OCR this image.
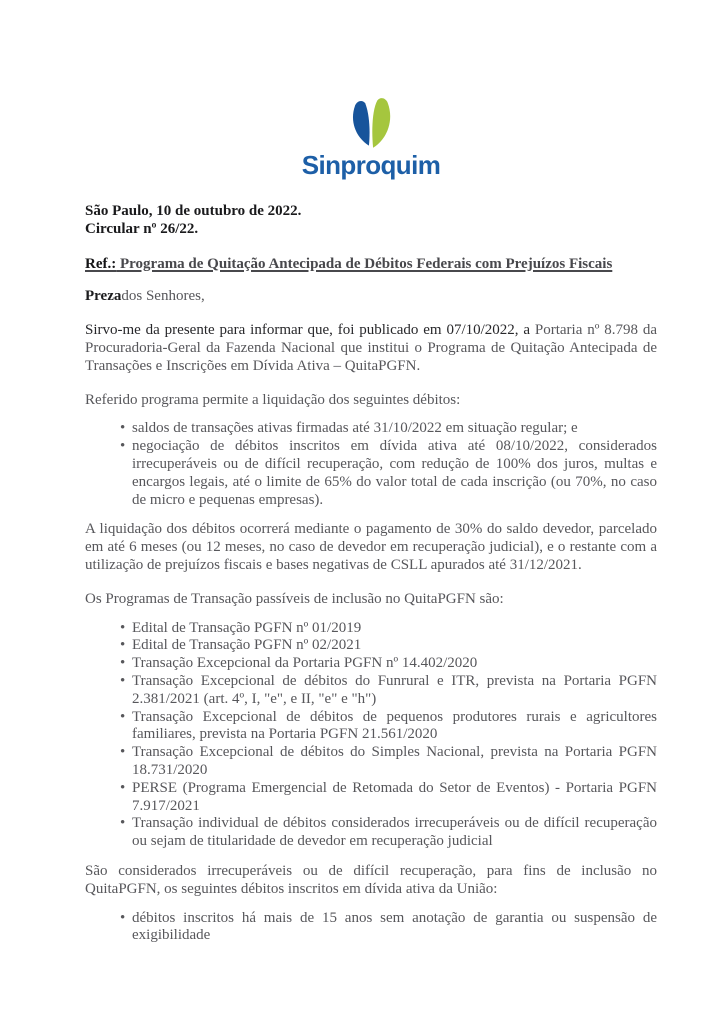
Sinproquim

São Paulo, 10 de outubro de 2022.

Circular nº 26/22.

Ref.: Programa de Quitação Antecipada de Débitos Federais com Prejuízos Fiscais

Prezados Senhores,

Sirvo-me da presente para informar que, foi publicado em 07/10/2022, a Portaria nº 8.798 da Procuradoria-Geral da Fazenda Nacional que institui o Programa de Quitação Antecipada de Transações e Inscrições em Dívida Ativa – QuitaPGFN.

Referido programa permite a liquidação dos seguintes débitos:

• saldos de transações ativas firmadas até 31/10/2022 em situação regular; e
• negociação de débitos inscritos em dívida ativa até 08/10/2022, considerados irrecuperáveis ou de difícil recuperação, com redução de 100% dos juros, multas e encargos legais, até o limite de 65% do valor total de cada inscrição (ou 70%, no caso de micro e pequenas empresas).

A liquidação dos débitos ocorrerá mediante o pagamento de 30% do saldo devedor, parcelado em até 6 meses (ou 12 meses, no caso de devedor em recuperação judicial), e o restante com a utilização de prejuízos fiscais e bases negativas de CSLL apurados até 31/12/2021.

Os Programas de Transação passíveis de inclusão no QuitaPGFN são:

• Edital de Transação PGFN nº 01/2019
• Edital de Transação PGFN nº 02/2021
• Transação Excepcional da Portaria PGFN nº 14.402/2020
• Transação Excepcional de débitos do Funrural e ITR, prevista na Portaria PGFN 2.381/2021 (art. 4º, I, "e", e II, "e" e "h")
• Transação Excepcional de débitos de pequenos produtores rurais e agricultores familiares, prevista na Portaria PGFN 21.561/2020
• Transação Excepcional de débitos do Simples Nacional, prevista na Portaria PGFN 18.731/2020
• PERSE (Programa Emergencial de Retomada do Setor de Eventos) - Portaria PGFN 7.917/2021
• Transação individual de débitos considerados irrecuperáveis ou de difícil recuperação ou sejam de titularidade de devedor em recuperação judicial

São considerados irrecuperáveis ou de difícil recuperação, para fins de inclusão no QuitaPGFN, os seguintes débitos inscritos em dívida ativa da União:

• débitos inscritos há mais de 15 anos sem anotação de garantia ou suspensão de exigibilidade
